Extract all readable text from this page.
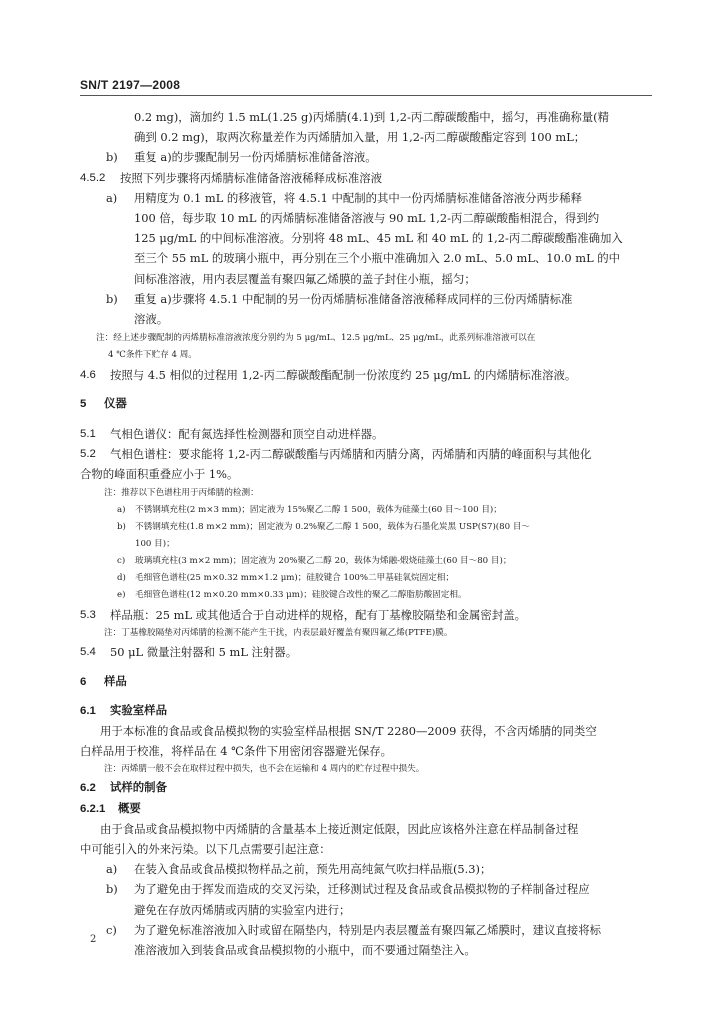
SN/T 2197—2008
0.2 mg)，滴加约 1.5 mL(1.25 g)丙烯腈(4.1)到 1,2-丙二醇碳酸酯中，摇匀，再准确称量(精
确到 0.2 mg)，取两次称量差作为丙烯腈加入量，用 1,2-丙二醇碳酸酯定容到 100 mL；
b)	重复 a)的步骤配制另一份丙烯腈标准储备溶液。
4.5.2	按照下列步骤将丙烯腈标准储备溶液稀释成标准溶液
a)	用精度为 0.1 mL 的移液管，将 4.5.1 中配制的其中一份丙烯腈标准储备溶液分两步稀释
100 倍，每步取 10 mL 的丙烯腈标准储备溶液与 90 mL 1,2-丙二醇碳酸酯相混合，得到约
125 μg/mL 的中间标准溶液。分别将 48 mL、45 mL 和 40 mL 的 1,2-丙二醇碳酸酯准确加入
至三个 55 mL 的玻璃小瓶中，再分别在三个小瓶中准确加入 2.0 mL、5.0 mL、10.0 mL 的中
间标准溶液，用内表层覆盖有聚四氟乙烯膜的盖子封住小瓶，摇匀；
b)	重复 a)步骤将 4.5.1 中配制的另一份丙烯腈标准储备溶液稀释成同样的三份丙烯腈标准
溶液。
注：经上述步骤配制的丙烯腈标准溶液浓度分别约为 5 μg/mL、12.5 μg/mL、25 μg/mL，此系列标准溶液可以在
4 ℃条件下贮存 4 周。
4.6	按照与 4.5 相似的过程用 1,2-丙二醇碳酸酯配制一份浓度约 25 μg/mL 的内烯腈标准溶液。
5	仪器
5.1	气相色谱仪：配有氮选择性检测器和顶空自动进样器。
5.2	气相色谱柱：要求能将 1,2-丙二醇碳酸酯与丙烯腈和丙腈分离，丙烯腈和丙腈的峰面积与其他化
合物的峰面积重叠应小于 1%。
注：推荐以下色谱柱用于丙烯腈的检测：
a)	不锈钢填充柱(2 m×3 mm)；固定液为 15%聚乙二醇 1 500，载体为硅藻土(60 目～100 目)；
b)	不锈钢填充柱(1.8 m×2 mm)；固定液为 0.2%聚乙二醇 1 500，载体为石墨化炭黑 USP(S7)(80 目～
100 目)；
c)	玻璃填充柱(3 m×2 mm)；固定液为 20%聚乙二醇 20，载体为烯融-煅烧硅藻土(60 目～80 目)；
d)	毛细管色谱柱(25 m×0.32 mm×1.2 μm)；硅胶键合 100%二甲基硅氧烷固定相；
e)	毛细管色谱柱(12 m×0.20 mm×0.33 μm)；硅胶键合改性的聚乙二醇脂肪酸固定相。
5.3	样品瓶：25 mL 或其他适合于自动进样的规格，配有丁基橡胶隔垫和金属密封盖。
注：丁基橡胶隔垫对丙烯腈的检测不能产生干扰，内表层最好覆盖有聚四氟乙烯(PTFE)膜。
5.4	50 μL 微量注射器和 5 mL 注射器。
6	样品
6.1	实验室样品
用于本标准的食品或食品模拟物的实验室样品根据 SN/T 2280—2009 获得，不含丙烯腈的同类空
白样品用于校准，将样品在 4 ℃条件下用密闭容器避光保存。
注：丙烯腈一般不会在取样过程中损失，也不会在运输和 4 周内的贮存过程中损失。
6.2	试样的制备
6.2.1	概要
由于食品或食品模拟物中丙烯腈的含量基本上接近测定低限，因此应该格外注意在样品制备过程
中可能引入的外来污染。以下几点需要引起注意：
a)	在装入食品或食品模拟物样品之前，预先用高纯氮气吹扫样品瓶(5.3)；
b)	为了避免由于挥发而造成的交叉污染，迁移测试过程及食品或食品模拟物的子样制备过程应
避免在存放丙烯腈或丙腈的实验室内进行；
c)	为了避免标准溶液加入时或留在隔垫内，特别是内表层覆盖有聚四氟乙烯膜时，建议直接将标
准溶液加入到装食品或食品模拟物的小瓶中，而不要通过隔垫注入。
2
